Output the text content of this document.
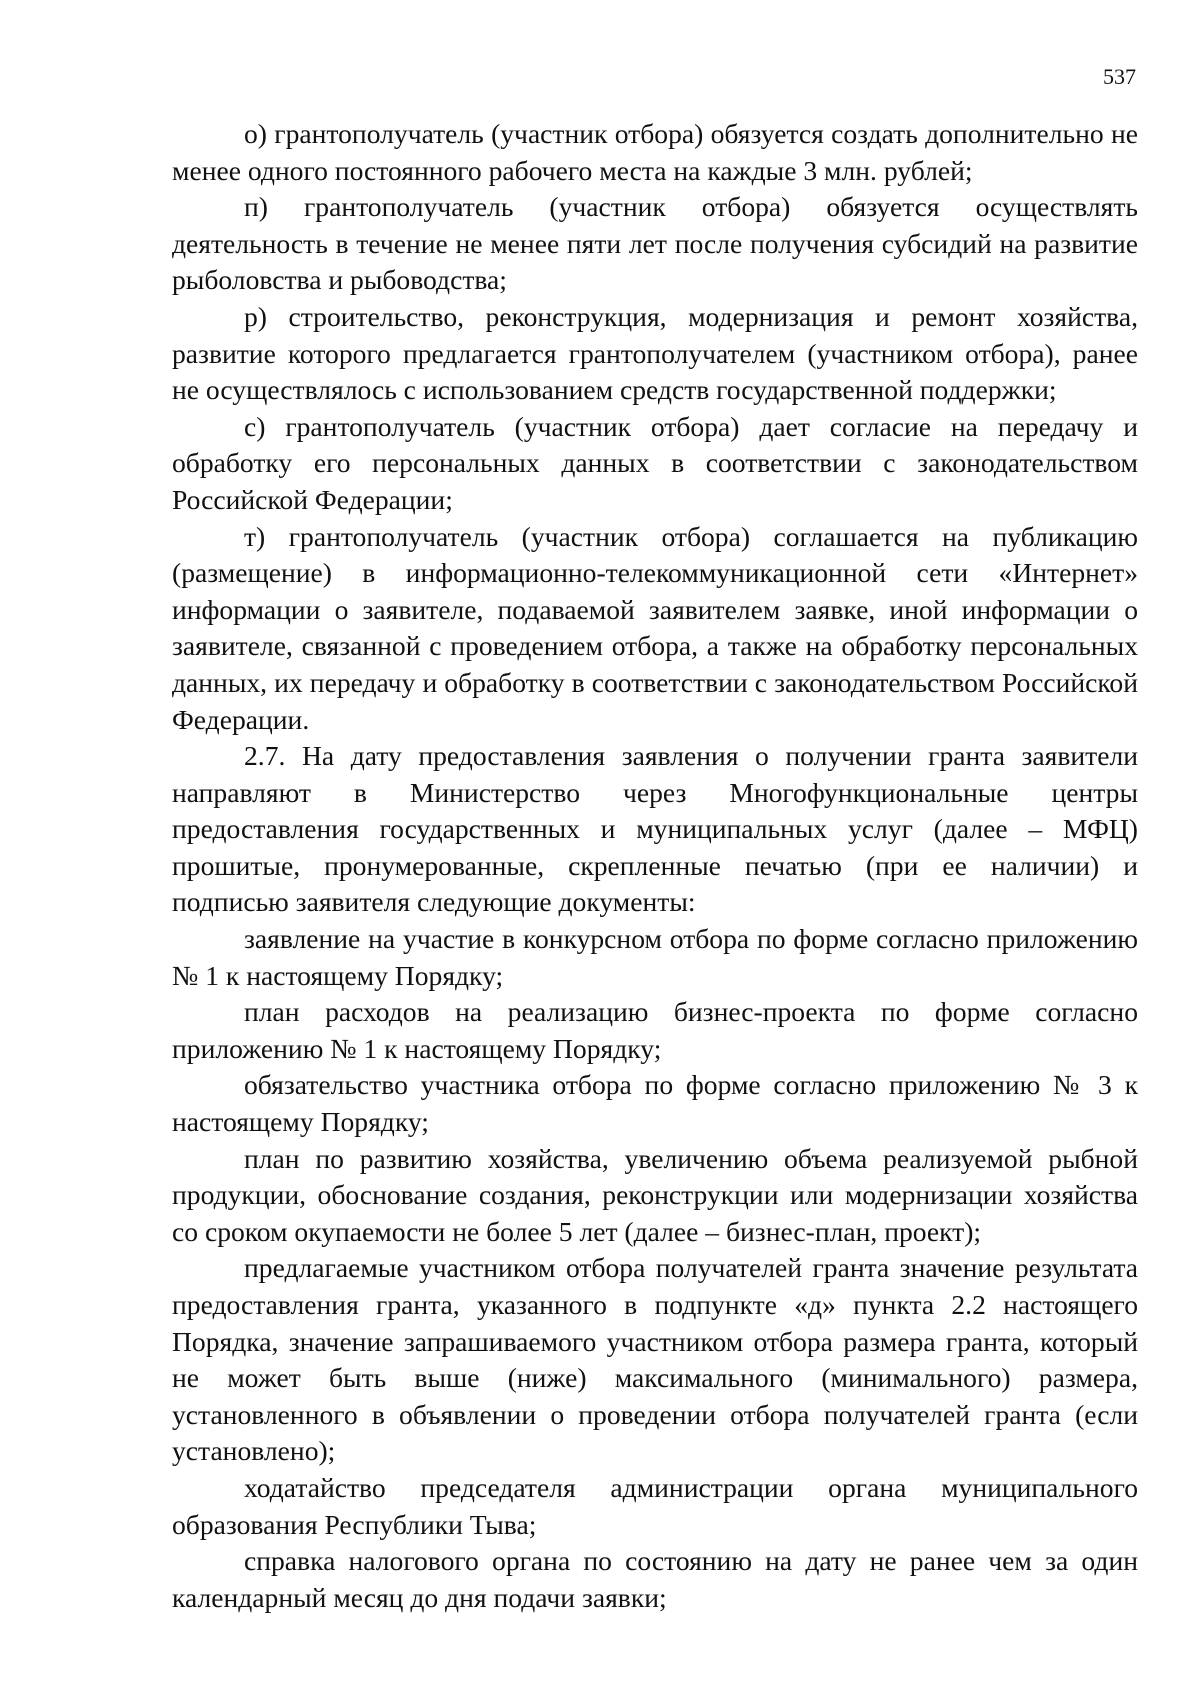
537

о) грантополучатель (участник отбора) обязуется создать дополнительно не менее одного постоянного рабочего места на каждые 3 млн. рублей;

п) грантополучатель (участник отбора) обязуется осуществлять деятельность в течение не менее пяти лет после получения субсидий на развитие рыболовства и рыбоводства;

р) строительство, реконструкция, модернизация и ремонт хозяйства, развитие которого предлагается грантополучателем (участником отбора), ранее не осуществлялось с использованием средств государственной поддержки;

с) грантополучатель (участник отбора) дает согласие на передачу и обработку его персональных данных в соответствии с законодательством Российской Федерации;

т) грантополучатель (участник отбора) соглашается на публикацию (размещение) в информационно-телекоммуникационной сети «Интернет» информации о заявителе, подаваемой заявителем заявке, иной информации о заявителе, связанной с проведением отбора, а также на обработку персональных данных, их передачу и обработку в соответствии с законодательством Российской Федерации.

2.7. На дату предоставления заявления о получении гранта заявители направляют в Министерство через Многофункциональные центры предоставления государственных и муниципальных услуг (далее – МФЦ) прошитые, пронумерованные, скрепленные печатью (при ее наличии) и подписью заявителя следующие документы:

заявление на участие в конкурсном отбора по форме согласно приложению № 1 к настоящему Порядку;

план расходов на реализацию бизнес-проекта по форме согласно приложению № 1 к настоящему Порядку;

обязательство участника отбора по форме согласно приложению № 3 к настоящему Порядку;

план по развитию хозяйства, увеличению объема реализуемой рыбной продукции, обоснование создания, реконструкции или модернизации хозяйства со сроком окупаемости не более 5 лет (далее – бизнес-план, проект);

предлагаемые участником отбора получателей гранта значение результата предоставления гранта, указанного в подпункте «д» пункта 2.2 настоящего Порядка, значение запрашиваемого участником отбора размера гранта, который не может быть выше (ниже) максимального (минимального) размера, установленного в объявлении о проведении отбора получателей гранта (если установлено);

ходатайство председателя администрации органа муниципального образования Республики Тыва;

справка налогового органа по состоянию на дату не ранее чем за один календарный месяц до дня подачи заявки;
